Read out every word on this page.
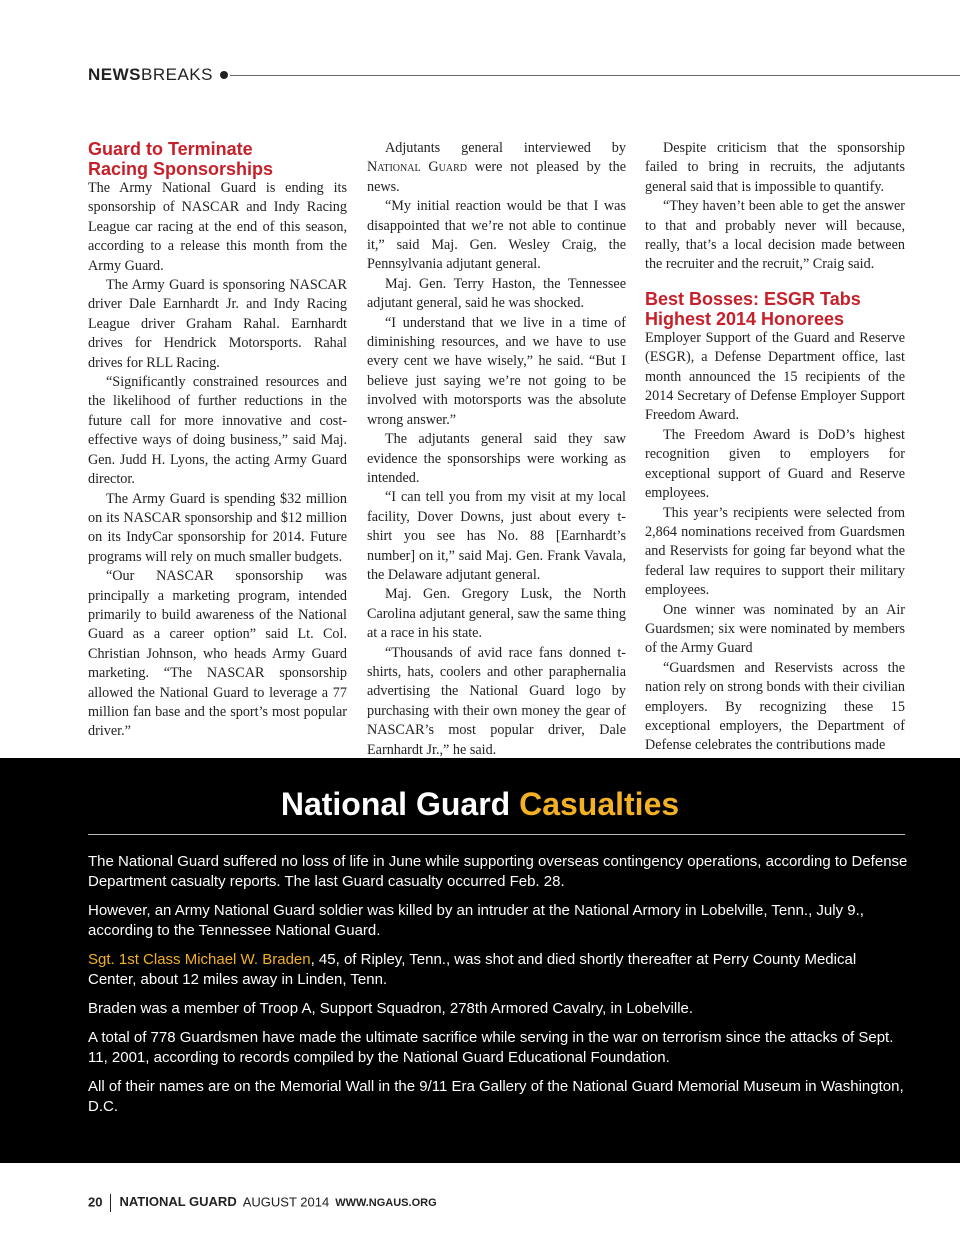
NEWSBREAKS
Guard to Terminate
Racing Sponsorships

The Army National Guard is ending its sponsorship of NASCAR and Indy Racing League car racing at the end of this season, according to a release this month from the Army Guard.

The Army Guard is sponsoring NASCAR driver Dale Earnhardt Jr. and Indy Racing League driver Graham Rahal. Earnhardt drives for Hendrick Motorsports. Rahal drives for RLL Racing.

“Significantly constrained resources and the likelihood of further reductions in the future call for more innovative and cost-effective ways of doing business,” said Maj. Gen. Judd H. Lyons, the acting Army Guard director.

The Army Guard is spending $32 million on its NASCAR sponsorship and $12 million on its IndyCar sponsorship for 2014. Future programs will rely on much smaller budgets.

“Our NASCAR sponsorship was principally a marketing program, intended primarily to build awareness of the National Guard as a career option” said Lt. Col. Christian Johnson, who heads Army Guard marketing. “The NASCAR sponsorship allowed the National Guard to leverage a 77 million fan base and the sport’s most popular driver.”

Adjutants general interviewed by National Guard were not pleased by the news.

“My initial reaction would be that I was disappointed that we’re not able to continue it,” said Maj. Gen. Wesley Craig, the Pennsylvania adjutant general.

Maj. Gen. Terry Haston, the Tennessee adjutant general, said he was shocked.

“I understand that we live in a time of diminishing resources, and we have to use every cent we have wisely,” he said. “But I believe just saying we’re not going to be involved with motorsports was the absolute wrong answer.”

The adjutants general said they saw evidence the sponsorships were working as intended.

“I can tell you from my visit at my local facility, Dover Downs, just about every t-shirt you see has No. 88 [Earnhardt’s number] on it,” said Maj. Gen. Frank Vavala, the Delaware adjutant general.

Maj. Gen. Gregory Lusk, the North Carolina adjutant general, saw the same thing at a race in his state.

“Thousands of avid race fans donned t-shirts, hats, coolers and other paraphernalia advertising the National Guard logo by purchasing with their own money the gear of NASCAR’s most popular driver, Dale Earnhardt Jr.,” he said.

Despite criticism that the sponsorship failed to bring in recruits, the adjutants general said that is impossible to quantify.

“They haven’t been able to get the answer to that and probably never will because, really, that’s a local decision made between the recruiter and the recruit,” Craig said.

Best Bosses: ESGR Tabs
Highest 2014 Honorees

Employer Support of the Guard and Reserve (ESGR), a Defense Department office, last month announced the 15 recipients of the 2014 Secretary of Defense Employer Support Freedom Award.

The Freedom Award is DoD’s highest recognition given to employers for exceptional support of Guard and Reserve employees.

This year’s recipients were selected from 2,864 nominations received from Guardsmen and Reservists for going far beyond what the federal law requires to support their military employees.

One winner was nominated by an Air Guardsmen; six were nominated by members of the Army Guard

“Guardsmen and Reservists across the nation rely on strong bonds with their civilian employers. By recognizing these 15 exceptional employers, the Department of Defense celebrates the contributions made

National Guard Casualties

The National Guard suffered no loss of life in June while supporting overseas contingency operations, according to Defense Department casualty reports. The last Guard casualty occurred Feb. 28.

However, an Army National Guard soldier was killed by an intruder at the National Armory in Lobelville, Tenn., July 9., according to the Tennessee National Guard.

Sgt. 1st Class Michael W. Braden, 45, of Ripley, Tenn., was shot and died shortly thereafter at Perry County Medical Center, about 12 miles away in Linden, Tenn.

Braden was a member of Troop A, Support Squadron, 278th Armored Cavalry, in Lobelville.

A total of 778 Guardsmen have made the ultimate sacrifice while serving in the war on terrorism since the attacks of Sept. 11, 2001, according to records compiled by the National Guard Educational Foundation.

All of their names are on the Memorial Wall in the 9/11 Era Gallery of the National Guard Memorial Museum in Washington, D.C.

20 NATIONAL GUARD AUGUST 2014 WWW.NGAUS.ORG
